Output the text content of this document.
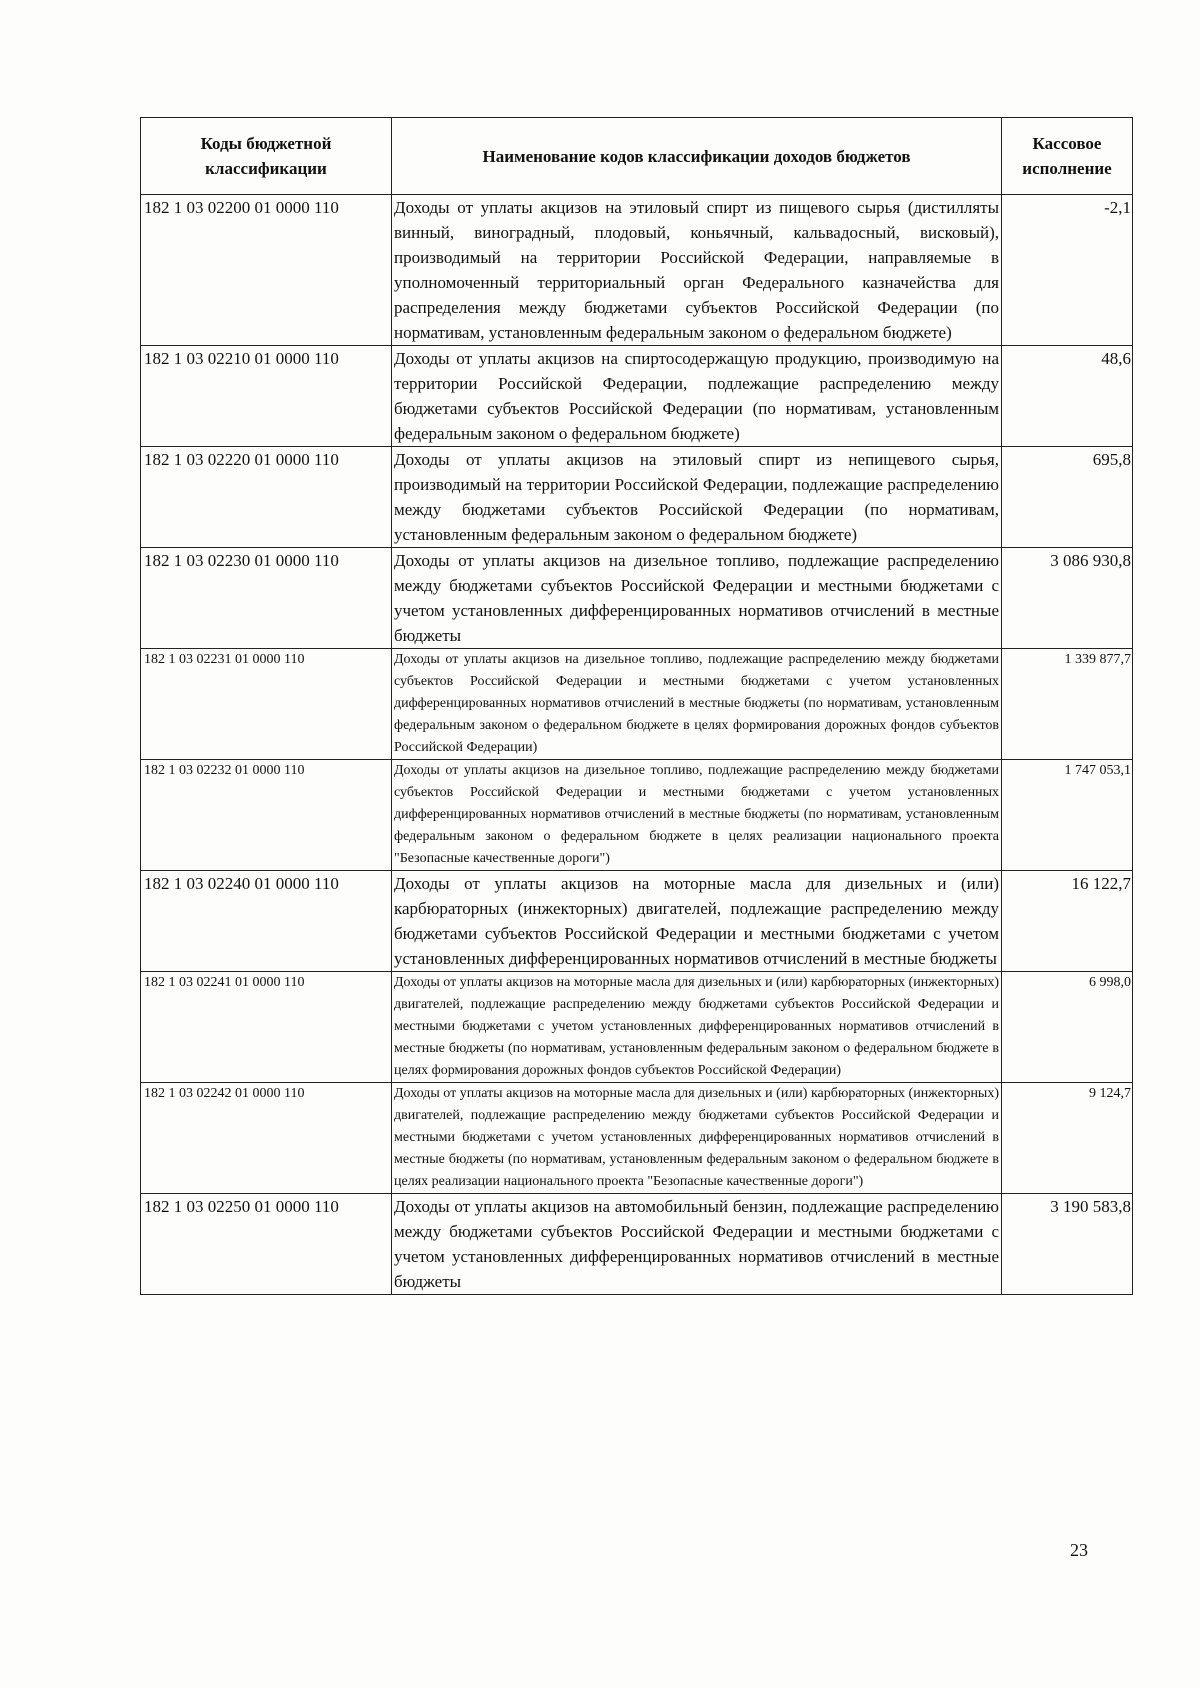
Коды бюджетной классификации	Наименование кодов классификации доходов бюджетов	Кассовое исполнение
182 1 03 02200 01 0000 110	Доходы от уплаты акцизов на этиловый спирт из пищевого сырья (дистилляты винный, виноградный, плодовый, коньячный, кальвадосный, висковый), производимый на территории Российской Федерации, направляемые в уполномоченный территориальный орган Федерального казначейства для распределения между бюджетами субъектов Российской Федерации (по нормативам, установленным федеральным законом о федеральном бюджете)	-2,1
182 1 03 02210 01 0000 110	Доходы от уплаты акцизов на спиртосодержащую продукцию, производимую на территории Российской Федерации, подлежащие распределению между бюджетами субъектов Российской Федерации (по нормативам, установленным федеральным законом о федеральном бюджете)	48,6
182 1 03 02220 01 0000 110	Доходы от уплаты акцизов на этиловый спирт из непищевого сырья, производимый на территории Российской Федерации, подлежащие распределению между бюджетами субъектов Российской Федерации (по нормативам, установленным федеральным законом о федеральном бюджете)	695,8
182 1 03 02230 01 0000 110	Доходы от уплаты акцизов на дизельное топливо, подлежащие распределению между бюджетами субъектов Российской Федерации и местными бюджетами с учетом установленных дифференцированных нормативов отчислений в местные бюджеты	3 086 930,8
182 1 03 02231 01 0000 110	Доходы от уплаты акцизов на дизельное топливо, подлежащие распределению между бюджетами субъектов Российской Федерации и местными бюджетами с учетом установленных дифференцированных нормативов отчислений в местные бюджеты (по нормативам, установленным федеральным законом о федеральном бюджете в целях формирования дорожных фондов субъектов Российской Федерации)	1 339 877,7
182 1 03 02232 01 0000 110	Доходы от уплаты акцизов на дизельное топливо, подлежащие распределению между бюджетами субъектов Российской Федерации и местными бюджетами с учетом установленных дифференцированных нормативов отчислений в местные бюджеты (по нормативам, установленным федеральным законом о федеральном бюджете в целях реализации национального проекта "Безопасные качественные дороги")	1 747 053,1
182 1 03 02240 01 0000 110	Доходы от уплаты акцизов на моторные масла для дизельных и (или) карбюраторных (инжекторных) двигателей, подлежащие распределению между бюджетами субъектов Российской Федерации и местными бюджетами с учетом установленных дифференцированных нормативов отчислений в местные бюджеты	16 122,7
182 1 03 02241 01 0000 110	Доходы от уплаты акцизов на моторные масла для дизельных и (или) карбюраторных (инжекторных) двигателей, подлежащие распределению между бюджетами субъектов Российской Федерации и местными бюджетами с учетом установленных дифференцированных нормативов отчислений в местные бюджеты (по нормативам, установленным федеральным законом о федеральном бюджете в целях формирования дорожных фондов субъектов Российской Федерации)	6 998,0
182 1 03 02242 01 0000 110	Доходы от уплаты акцизов на моторные масла для дизельных и (или) карбюраторных (инжекторных) двигателей, подлежащие распределению между бюджетами субъектов Российской Федерации и местными бюджетами с учетом установленных дифференцированных нормативов отчислений в местные бюджеты (по нормативам, установленным федеральным законом о федеральном бюджете в целях реализации национального проекта "Безопасные качественные дороги")	9 124,7
182 1 03 02250 01 0000 110	Доходы от уплаты акцизов на автомобильный бензин, подлежащие распределению между бюджетами субъектов Российской Федерации и местными бюджетами с учетом установленных дифференцированных нормативов отчислений в местные бюджеты	3 190 583,8
23
